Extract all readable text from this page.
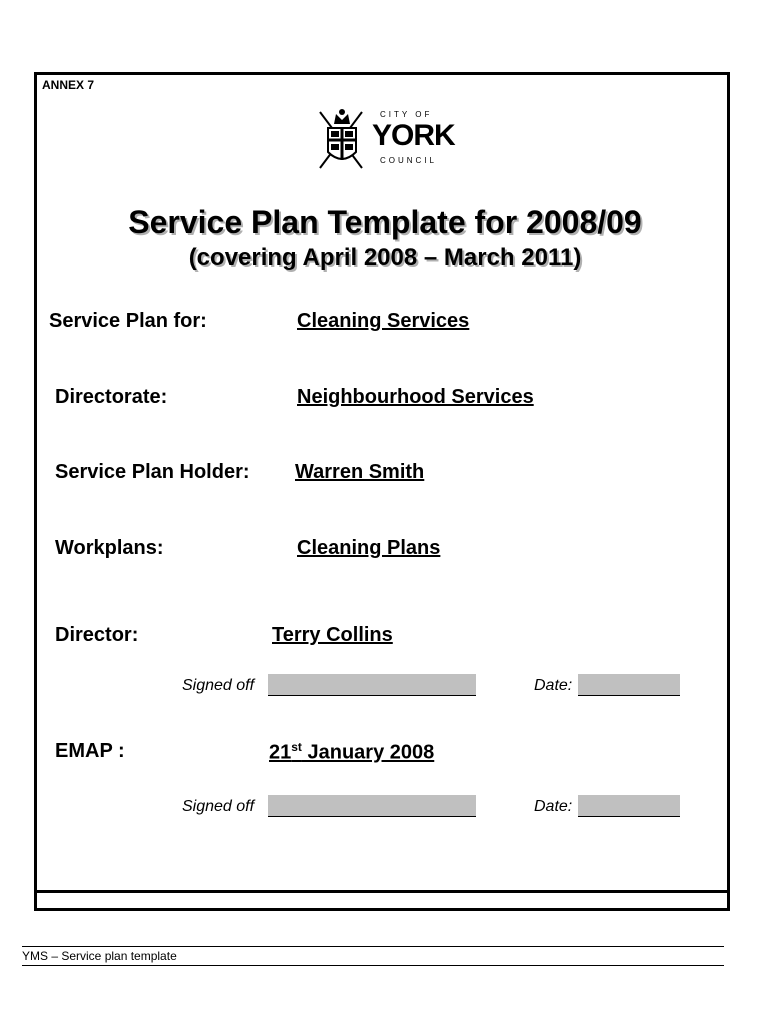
ANNEX 7
CITY OF
YORK
COUNCIL
Service Plan Template for 2008/09
(covering April 2008 – March 2011)
Service Plan for:	Cleaning Services
Directorate:	Neighbourhood Services
Service Plan Holder: Warren Smith
Workplans:	Cleaning Plans
Director:	Terry Collins
Signed off	Date:
EMAP :	21st January 2008
Signed off	Date:
YMS – Service plan template
